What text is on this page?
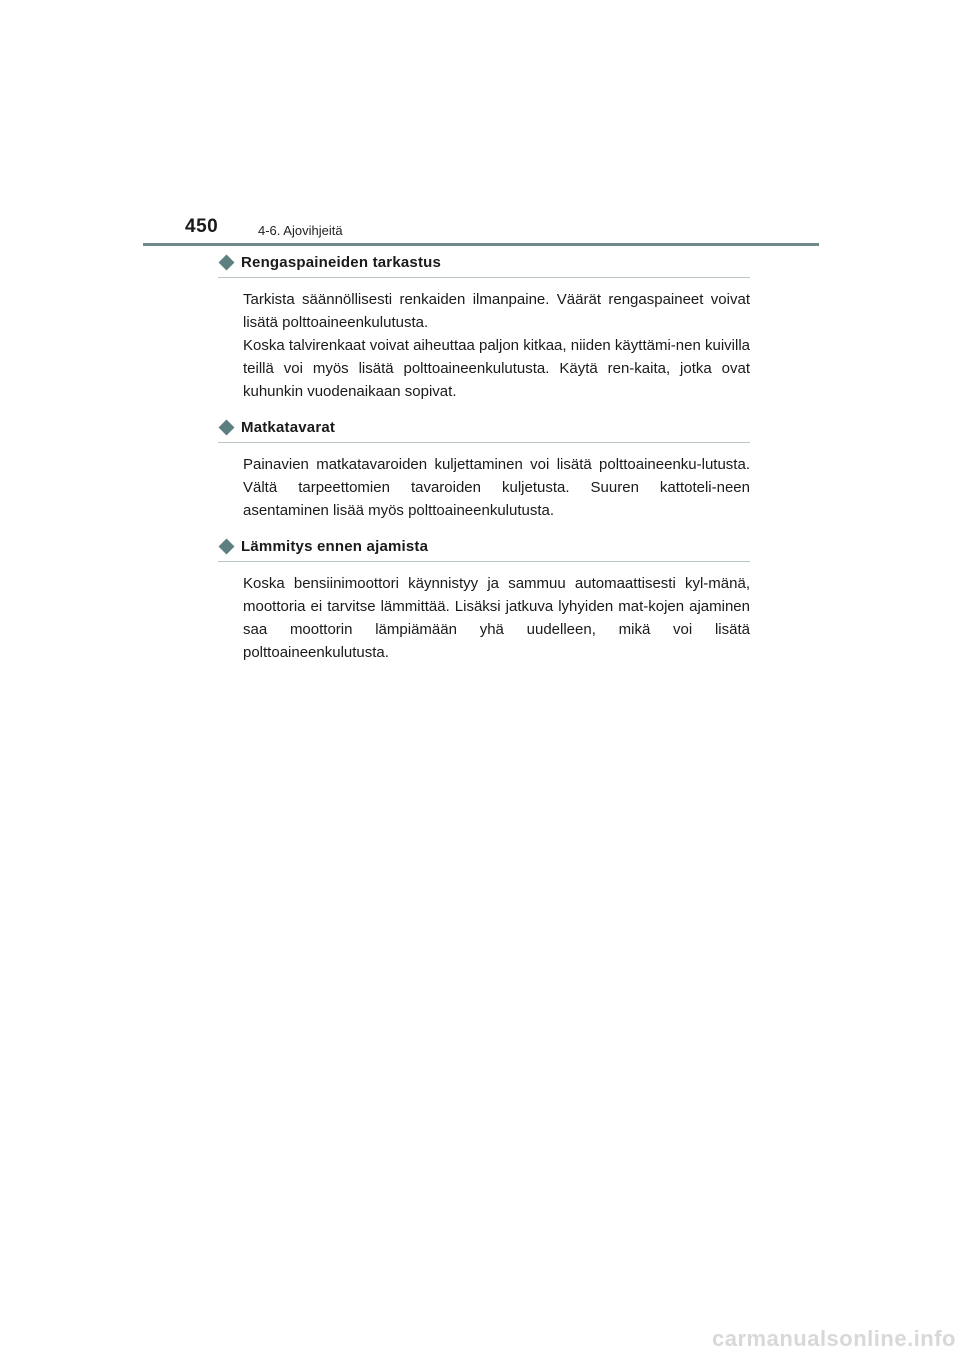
450	4-6. Ajovihjeitä
Rengaspaineiden tarkastus

Tarkista säännöllisesti renkaiden ilmanpaine. Väärät rengaspaineet voivat lisätä polttoaineenkulutusta.

Koska talvirenkaat voivat aiheuttaa paljon kitkaa, niiden käyttämi-nen kuivilla teillä voi myös lisätä polttoaineenkulutusta. Käytä ren-kaita, jotka ovat kuhunkin vuodenaikaan sopivat.

Matkatavarat

Painavien matkatavaroiden kuljettaminen voi lisätä polttoaineenku-lutusta. Vältä tarpeettomien tavaroiden kuljetusta. Suuren kattoteli-neen asentaminen lisää myös polttoaineenkulutusta.

Lämmitys ennen ajamista

Koska bensiinimoottori käynnistyy ja sammuu automaattisesti kyl-mänä, moottoria ei tarvitse lämmittää. Lisäksi jatkuva lyhyiden mat-kojen ajaminen saa moottorin lämpiämään yhä uudelleen, mikä voi lisätä polttoaineenkulutusta.

carmanualsonline.info
